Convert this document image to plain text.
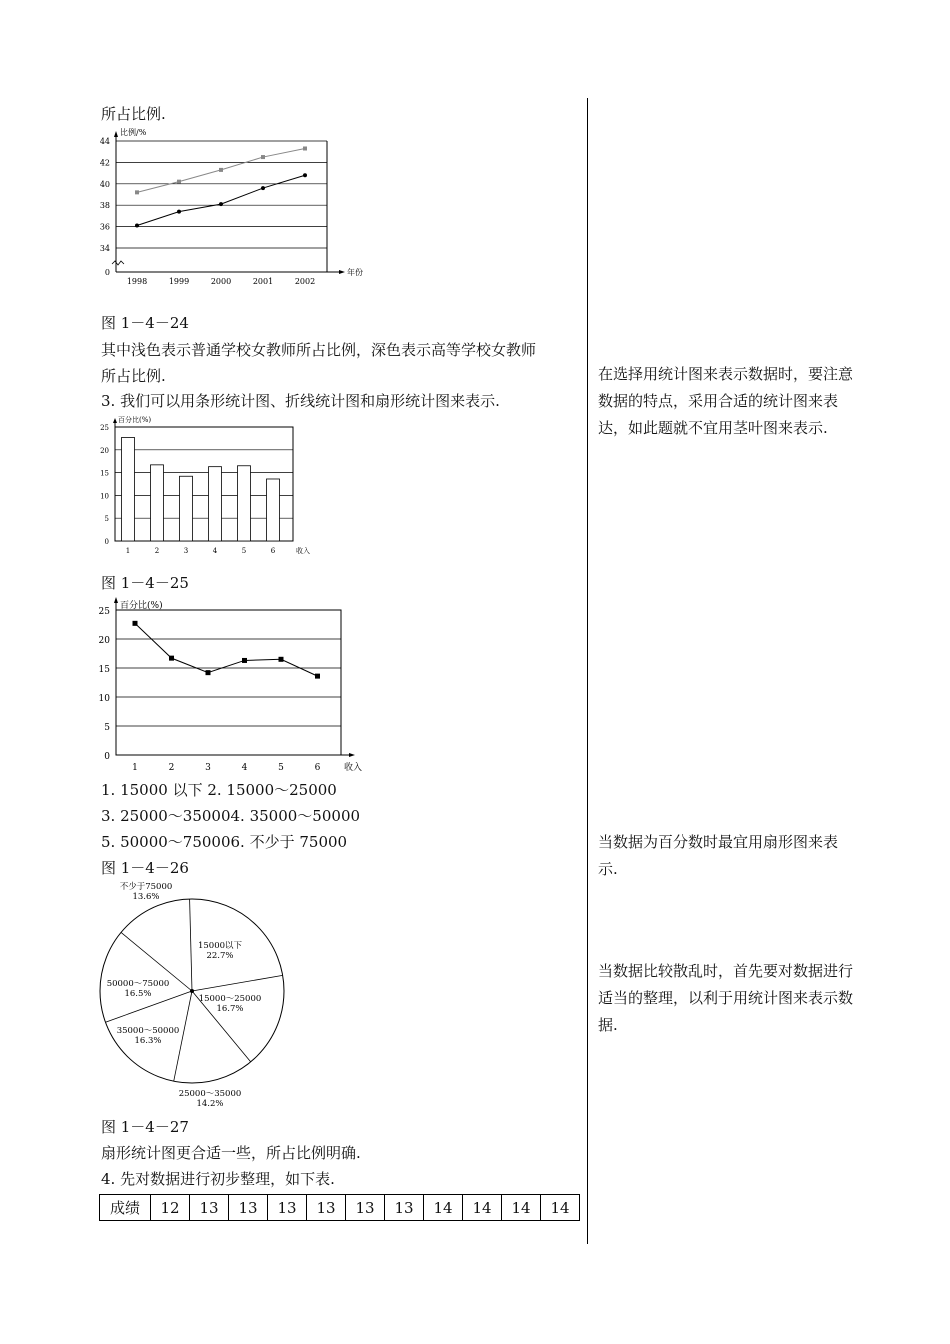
所占比例.
0
34
36
38
40
42
44
比例/%
年份
1998	1999	2000	2001	2002
图 1－4－24
其中浅色表示普通学校女教师所占比例，深色表示高等学校女教师
所占比例.
3. 我们可以用条形统计图、折线统计图和扇形统计图来表示.
0
5
10
15
20
25
百分比(%)
收入
1	2	3	4	5	6
图 1－4－25
0
5
10
15
20
25
百分比(%)
收入
1	2	3	4	5	6
1. 15000 以下 2. 15000～25000
3. 25000～350004. 35000～50000
5. 50000～750006. 不少于 75000
图 1－4－26
15000以下
22.7%
15000～25000
16.7%
25000～35000
14.2%
35000～50000
16.3%
50000～75000
16.5%
不少于75000
13.6%
图 1－4－27
扇形统计图更合适一些，所占比例明确.
4. 先对数据进行初步整理，如下表.
成绩	12	13	13	13	13	13	13	14	14	14	14
在选择用统计图来表示数据时，要注意数据的特点，采用合适的统计图来表达，如此题就不宜用茎叶图来表示.
当数据为百分数时最宜用扇形图来表示.
当数据比较散乱时，首先要对数据进行适当的整理，以利于用统计图来表示数据.
